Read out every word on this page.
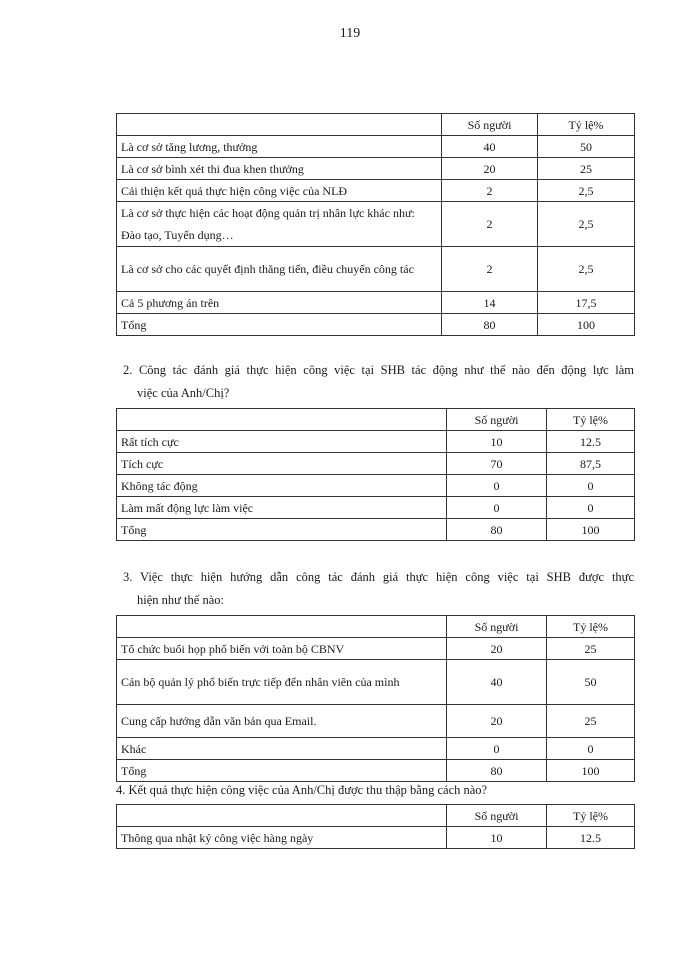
119
	Số người	Tỷ lệ%
Là cơ sở tăng lương, thưởng	40	50
Là cơ sở bình xét thi đua khen thưởng	20	25
Cải thiện kết quả thực hiện công việc của NLĐ	2	2,5

Là cơ sở thực hiện các hoạt động quản trị nhân lực khác như:
Đào tạo, Tuyển dụng…	2	2,5
Là cơ sở cho các quyết định thăng tiến, điều chuyển công tác	2	2,5
Cả 5 phương án trên	14	17,5
Tổng	80	100
2. Công tác đánh giá thực hiện công việc tại SHB tác động như thế nào đến động lực làm
việc của Anh/Chị?
	Số người	Tỷ lệ%
Rất tích cực	10	12.5
Tích cực	70	87,5
Không tác động	0	0
Làm mất động lực làm việc	0	0
Tổng	80	100
3. Việc thực hiện hướng dẫn công tác đánh giá thực hiện công việc tại SHB được thực
hiện như thế nào:
	Số người	Tỷ lệ%
Tổ chức buổi họp phổ biến với toàn bộ CBNV	20	25
Cán bộ quản lý phổ biến trực tiếp đến nhân viên của mình	40	50
Cung cấp hướng dẫn văn bản qua Email.	20	25
Khác	0	0
Tổng	80	100
4. Kết quả thực hiện công việc của Anh/Chị được thu thập bằng cách nào?
	Số người	Tỷ lệ%
Thông qua nhật ký công việc hàng ngày	10	12.5
